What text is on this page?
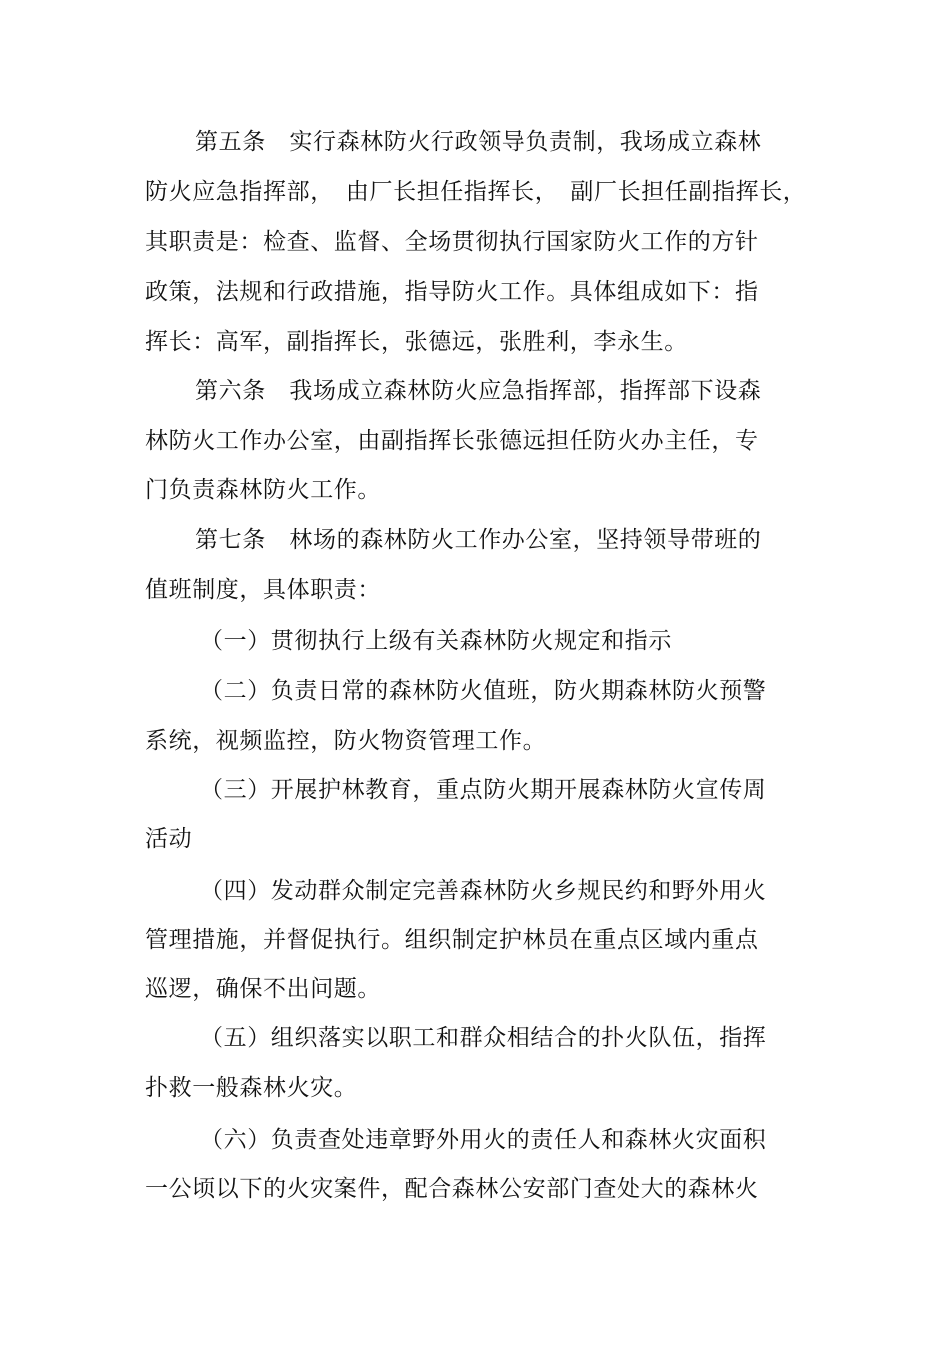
第五条　实行森林防火行政领导负责制，我场成立森林
防火应急指挥部，　由厂长担任指挥长，　副厂长担任副指挥长，
其职责是：检查、监督、全场贯彻执行国家防火工作的方针
政策，法规和行政措施，指导防火工作。具体组成如下：指
挥长：高军，副指挥长，张德远，张胜利，李永生。
第六条　我场成立森林防火应急指挥部，指挥部下设森
林防火工作办公室，由副指挥长张德远担任防火办主任，专
门负责森林防火工作。
第七条　林场的森林防火工作办公室，坚持领导带班的
值班制度，具体职责：
（一）贯彻执行上级有关森林防火规定和指示
（二）负责日常的森林防火值班，防火期森林防火预警
系统，视频监控，防火物资管理工作。
（三）开展护林教育，重点防火期开展森林防火宣传周
活动
（四）发动群众制定完善森林防火乡规民约和野外用火
管理措施，并督促执行。组织制定护林员在重点区域内重点
巡逻，确保不出问题。
（五）组织落实以职工和群众相结合的扑火队伍，指挥
扑救一般森林火灾。
（六）负责查处违章野外用火的责任人和森林火灾面积
一公顷以下的火灾案件，配合森林公安部门查处大的森林火
